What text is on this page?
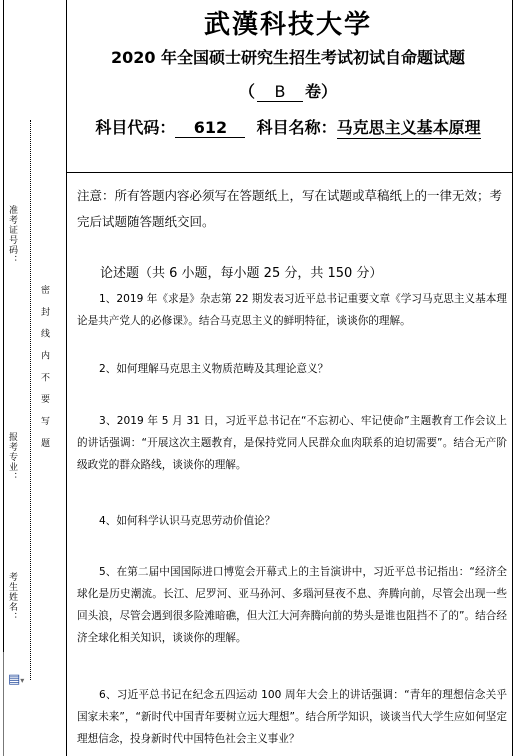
准考证号码：
密 封 线 内 不 要 写 题
报考专业：
考生姓名：
▤▾
武漢科技大学
2020 年全国硕士研究生招生考试初试自命题试题
（ B 卷）
科目代码： 612 科目名称：马克思主义基本原理
注意：所有答题内容必须写在答题纸上，写在试题或草稿纸上的一律无效；考完后试题随答题纸交回。
论述题（共 6 小题，每小题 25 分，共 150 分）
1、2019 年《求是》杂志第 22 期发表习近平总书记重要文章《学习马克思主义基本理论是共产党人的必修课》。结合马克思主义的鲜明特征，谈谈你的理解。
2、如何理解马克思主义物质范畴及其理论意义？
3、2019 年 5 月 31 日，习近平总书记在“不忘初心、牢记使命”主题教育工作会议上的讲话强调：“开展这次主题教育，是保持党同人民群众血肉联系的迫切需要”。结合无产阶级政党的群众路线，谈谈你的理解。
4、如何科学认识马克思劳动价值论？
5、在第二届中国国际进口博览会开幕式上的主旨演讲中，习近平总书记指出：“经济全球化是历史潮流。长江、尼罗河、亚马孙河、多瑙河昼夜不息、奔腾向前，尽管会出现一些回头浪，尽管会遇到很多险滩暗礁，但大江大河奔腾向前的势头是谁也阻挡不了的”。结合经济全球化相关知识，谈谈你的理解。
6、习近平总书记在纪念五四运动 100 周年大会上的讲话强调：“青年的理想信念关乎国家未来”，“新时代中国青年要树立远大理想”。结合所学知识，谈谈当代大学生应如何坚定理想信念，投身新时代中国特色社会主义事业？
